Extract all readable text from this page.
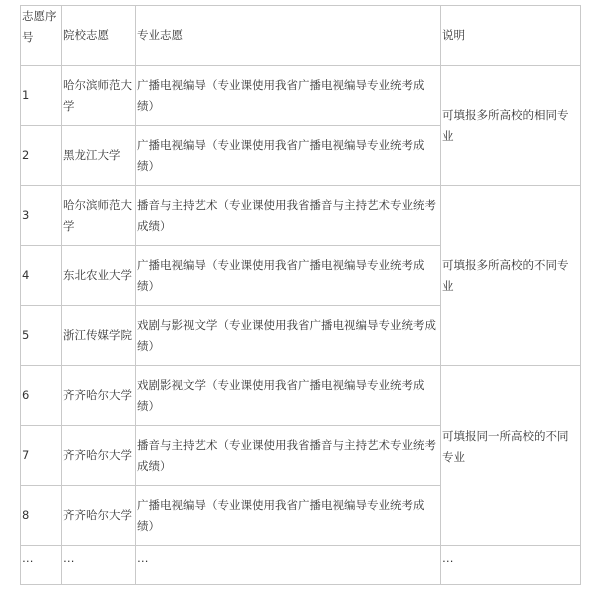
志愿序号	院校志愿	专业志愿	说明
1	哈尔滨师范大学	广播电视编导（专业课使用我省广播电视编导专业统考成绩）	可填报多所高校的相同专业
2	黑龙江大学	广播电视编导（专业课使用我省广播电视编导专业统考成绩）	
3	哈尔滨师范大学	播音与主持艺术（专业课使用我省播音与主持艺术专业统考成绩）	可填报多所高校的不同专业
4	东北农业大学	广播电视编导（专业课使用我省广播电视编导专业统考成绩）	
5	浙江传媒学院	戏剧与影视文学（专业课使用我省广播电视编导专业统考成绩）	
6	齐齐哈尔大学	戏剧影视文学（专业课使用我省广播电视编导专业统考成绩）	可填报同一所高校的不同专业
7	齐齐哈尔大学	播音与主持艺术（专业课使用我省播音与主持艺术专业统考成绩）	
8	齐齐哈尔大学	广播电视编导（专业课使用我省广播电视编导专业统考成绩）	
…	…	…	…
